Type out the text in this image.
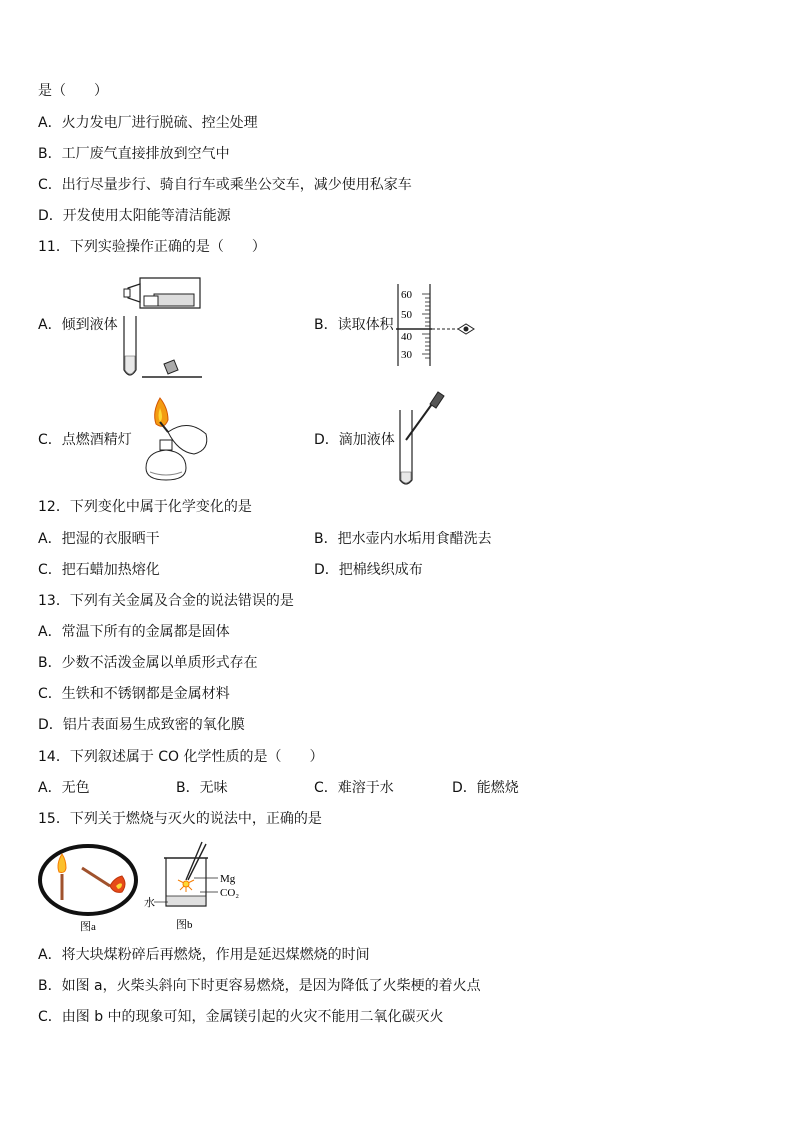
是（　　）
A．火力发电厂进行脱硫、控尘处理
B．工厂废气直接排放到空气中
C．出行尽量步行、骑自行车或乘坐公交车，减少使用私家车
D．开发使用太阳能等清洁能源
11．下列实验操作正确的是（　　）
A．倾到液体	B．读取体积
60
50
40
30
C．点燃酒精灯	D．滴加液体
12．下列变化中属于化学变化的是
A．把湿的衣服晒干	B．把水壶内水垢用食醋洗去
C．把石蜡加热熔化	D．把棉线织成布
13．下列有关金属及合金的说法错误的是
A．常温下所有的金属都是固体
B．少数不活泼金属以单质形式存在
C．生铁和不锈钢都是金属材料
D．铝片表面易生成致密的氧化膜
14．下列叙述属于 CO 化学性质的是（　　）
A．无色	B．无味	C．难溶于水	D．能燃烧
15．下列关于燃烧与灭火的说法中，正确的是
图a
Mg
CO₂
水
图b
A．将大块煤粉碎后再燃烧，作用是延迟煤燃烧的时间
B．如图 a，火柴头斜向下时更容易燃烧，是因为降低了火柴梗的着火点
C．由图 b 中的现象可知，金属镁引起的火灾不能用二氧化碳灭火
